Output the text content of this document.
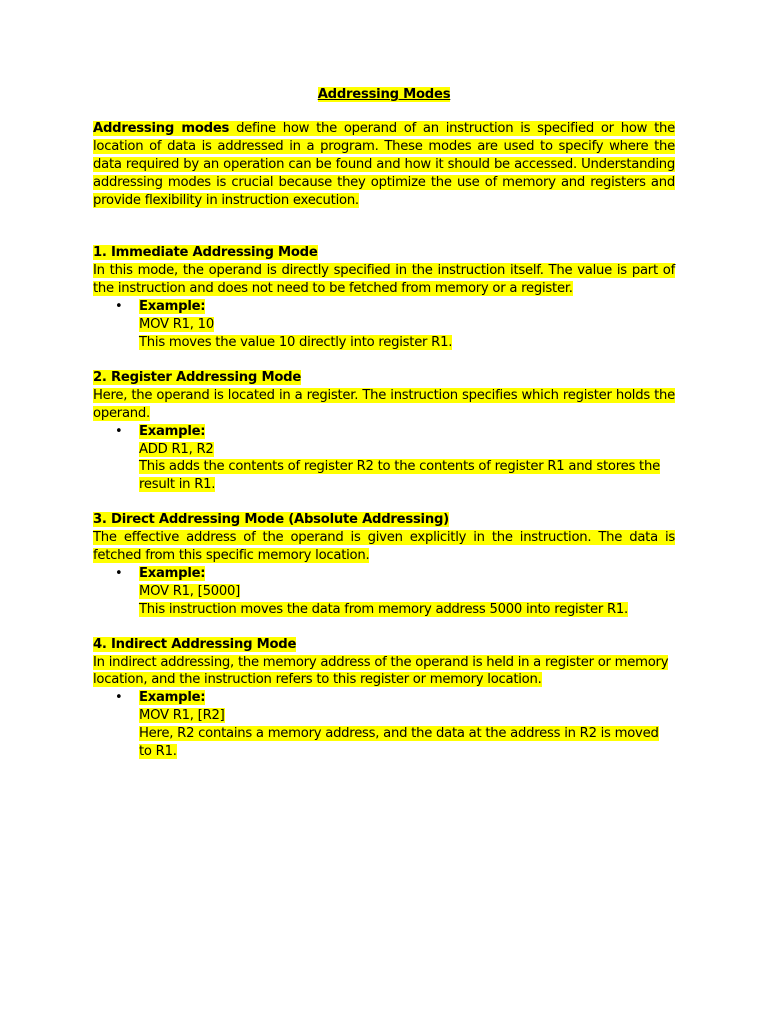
Addressing Modes

Addressing modes define how the operand of an instruction is specified or how the location of data is addressed in a program. These modes are used to specify where the data required by an operation can be found and how it should be accessed. Understanding addressing modes is crucial because they optimize the use of memory and registers and provide flexibility in instruction execution.

1. Immediate Addressing Mode

In this mode, the operand is directly specified in the instruction itself. The value is part of the instruction and does not need to be fetched from memory or a register.

• Example:

MOV R1, 10

This moves the value 10 directly into register R1.

2. Register Addressing Mode

Here, the operand is located in a register. The instruction specifies which register holds the operand.

• Example:

ADD R1, R2

This adds the contents of register R2 to the contents of register R1 and stores the result in R1.

3. Direct Addressing Mode (Absolute Addressing)

The effective address of the operand is given explicitly in the instruction. The data is fetched from this specific memory location.

• Example:

MOV R1, [5000]

This instruction moves the data from memory address 5000 into register R1.

4. Indirect Addressing Mode

In indirect addressing, the memory address of the operand is held in a register or memory location, and the instruction refers to this register or memory location.

• Example:

MOV R1, [R2]

Here, R2 contains a memory address, and the data at the address in R2 is moved to R1.
